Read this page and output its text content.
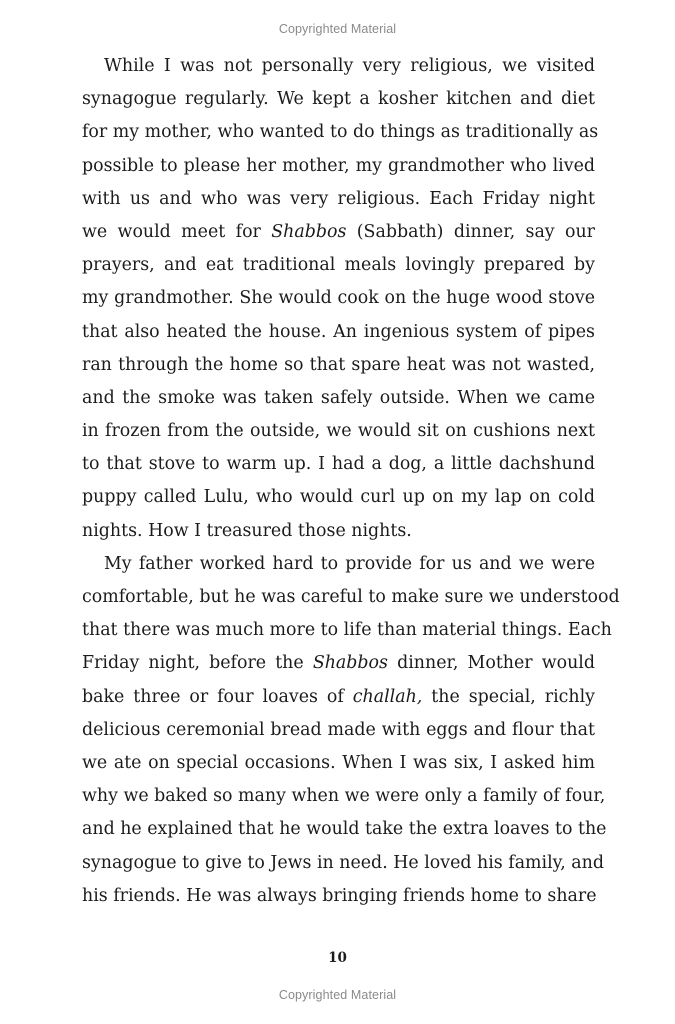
Copyrighted Material
While I was not personally very religious, we visited
synagogue regularly. We kept a kosher kitchen and diet
for my mother, who wanted to do things as traditionally as
possible to please her mother, my grandmother who lived
with us and who was very religious. Each Friday night
we would meet for Shabbos (Sabbath) dinner, say our
prayers, and eat traditional meals lovingly prepared by
my grandmother. She would cook on the huge wood stove
that also heated the house. An ingenious system of pipes
ran through the home so that spare heat was not wasted,
and the smoke was taken safely outside. When we came
in frozen from the outside, we would sit on cushions next
to that stove to warm up. I had a dog, a little dachshund
puppy called Lulu, who would curl up on my lap on cold
nights. How I treasured those nights.
My father worked hard to provide for us and we were
comfortable, but he was careful to make sure we understood
that there was much more to life than material things. Each
Friday night, before the Shabbos dinner, Mother would
bake three or four loaves of challah, the special, richly
delicious ceremonial bread made with eggs and flour that
we ate on special occasions. When I was six, I asked him
why we baked so many when we were only a family of four,
and he explained that he would take the extra loaves to the
synagogue to give to Jews in need. He loved his family, and
his friends. He was always bringing friends home to share
10
Copyrighted Material
